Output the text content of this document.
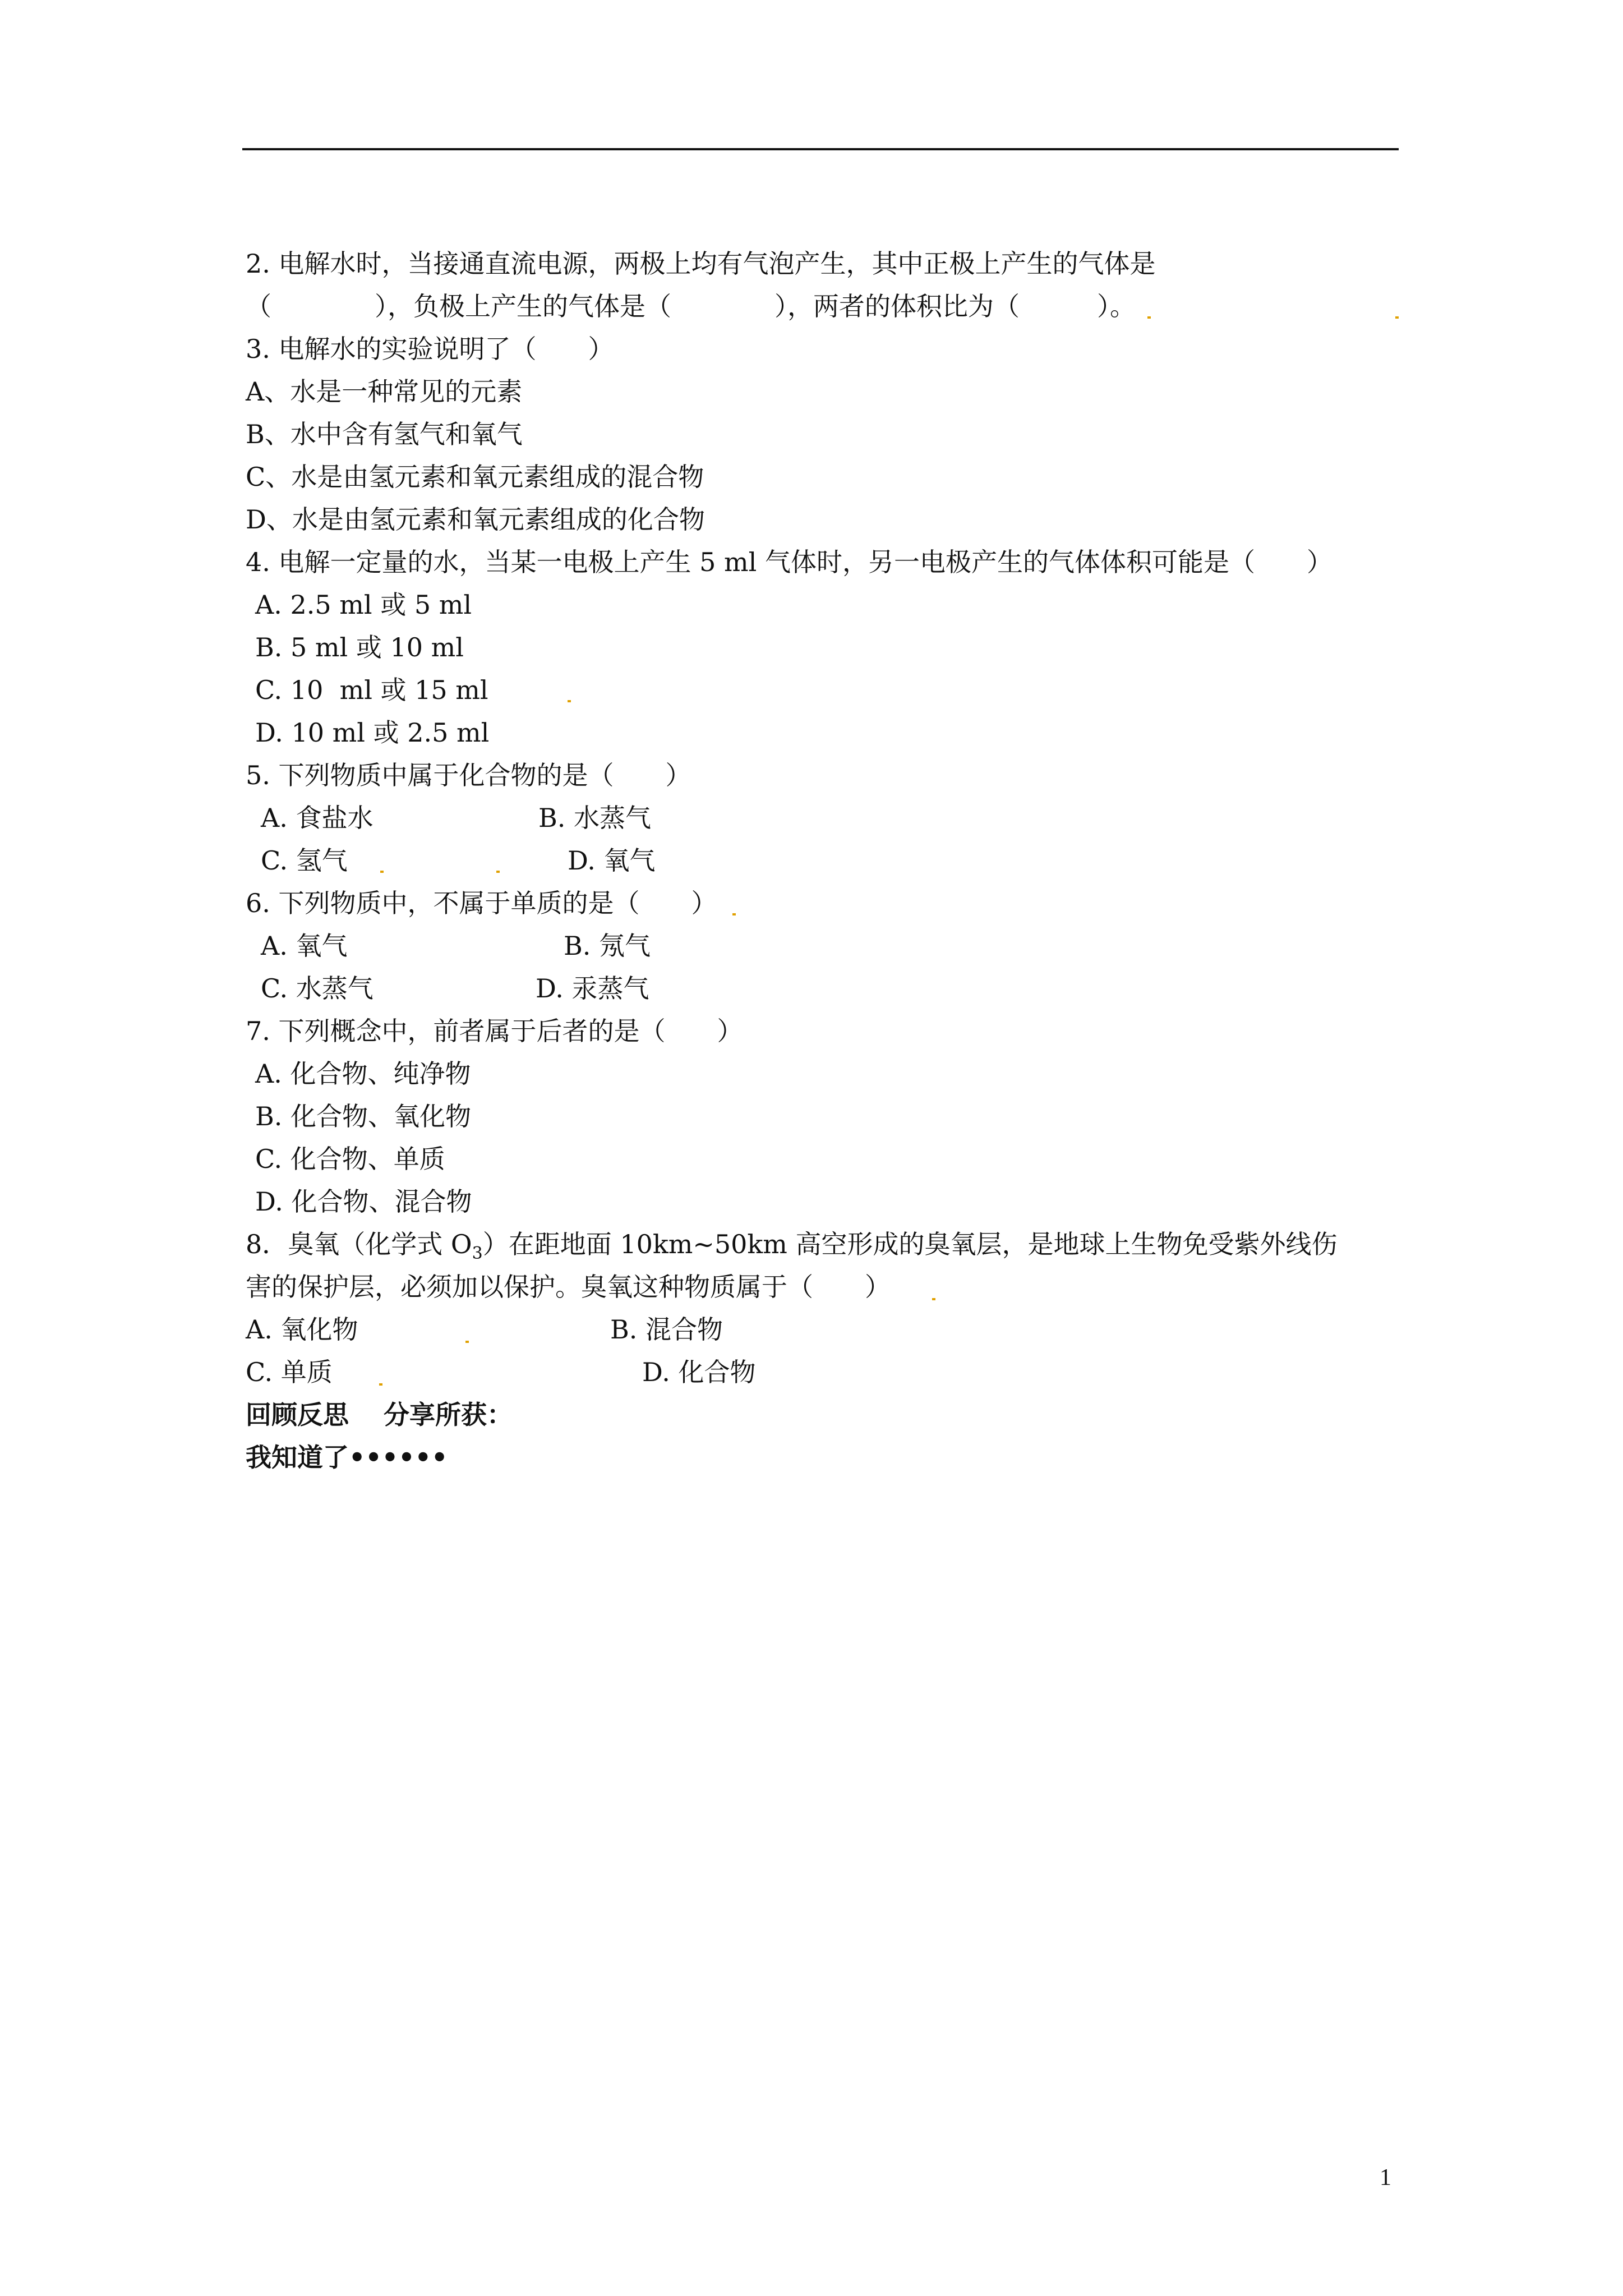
2. 电解水时，当接通直流电源，两极上均有气泡产生，其中正极上产生的气体是
（　　　　），负极上产生的气体是（　　　　），两者的体积比为（　　　）。
3. 电解水的实验说明了（　　）
A、水是一种常见的元素
B、水中含有氢气和氧气
C、水是由氢元素和氧元素组成的混合物
D、水是由氢元素和氧元素组成的化合物
4. 电解一定量的水，当某一电极上产生 5 ml 气体时，另一电极产生的气体体积可能是（　　）
A. 2.5 ml 或 5 ml
B. 5 ml 或 10 ml
C. 10  ml 或 15 ml
D. 10 ml 或 2.5 ml
5. 下列物质中属于化合物的是（　　）
A. 食盐水	B. 水蒸气
C. 氢气	D. 氧气
6. 下列物质中，不属于单质的是（　　）
A. 氧气	B. 氖气
C. 水蒸气	D. 汞蒸气
7. 下列概念中，前者属于后者的是（　　）
A. 化合物、纯净物
B. 化合物、氧化物
C. 化合物、单质
D. 化合物、混合物
8．臭氧（化学式 $O_3$）在距地面 10km~50km 高空形成的臭氧层，是地球上生物免受紫外线伤
害的保护层，必须加以保护。臭氧这种物质属于（　　）
A. 氧化物	B. 混合物
C. 单质	D. 化合物
回顾反思　 分享所获：
我知道了••••••
1
